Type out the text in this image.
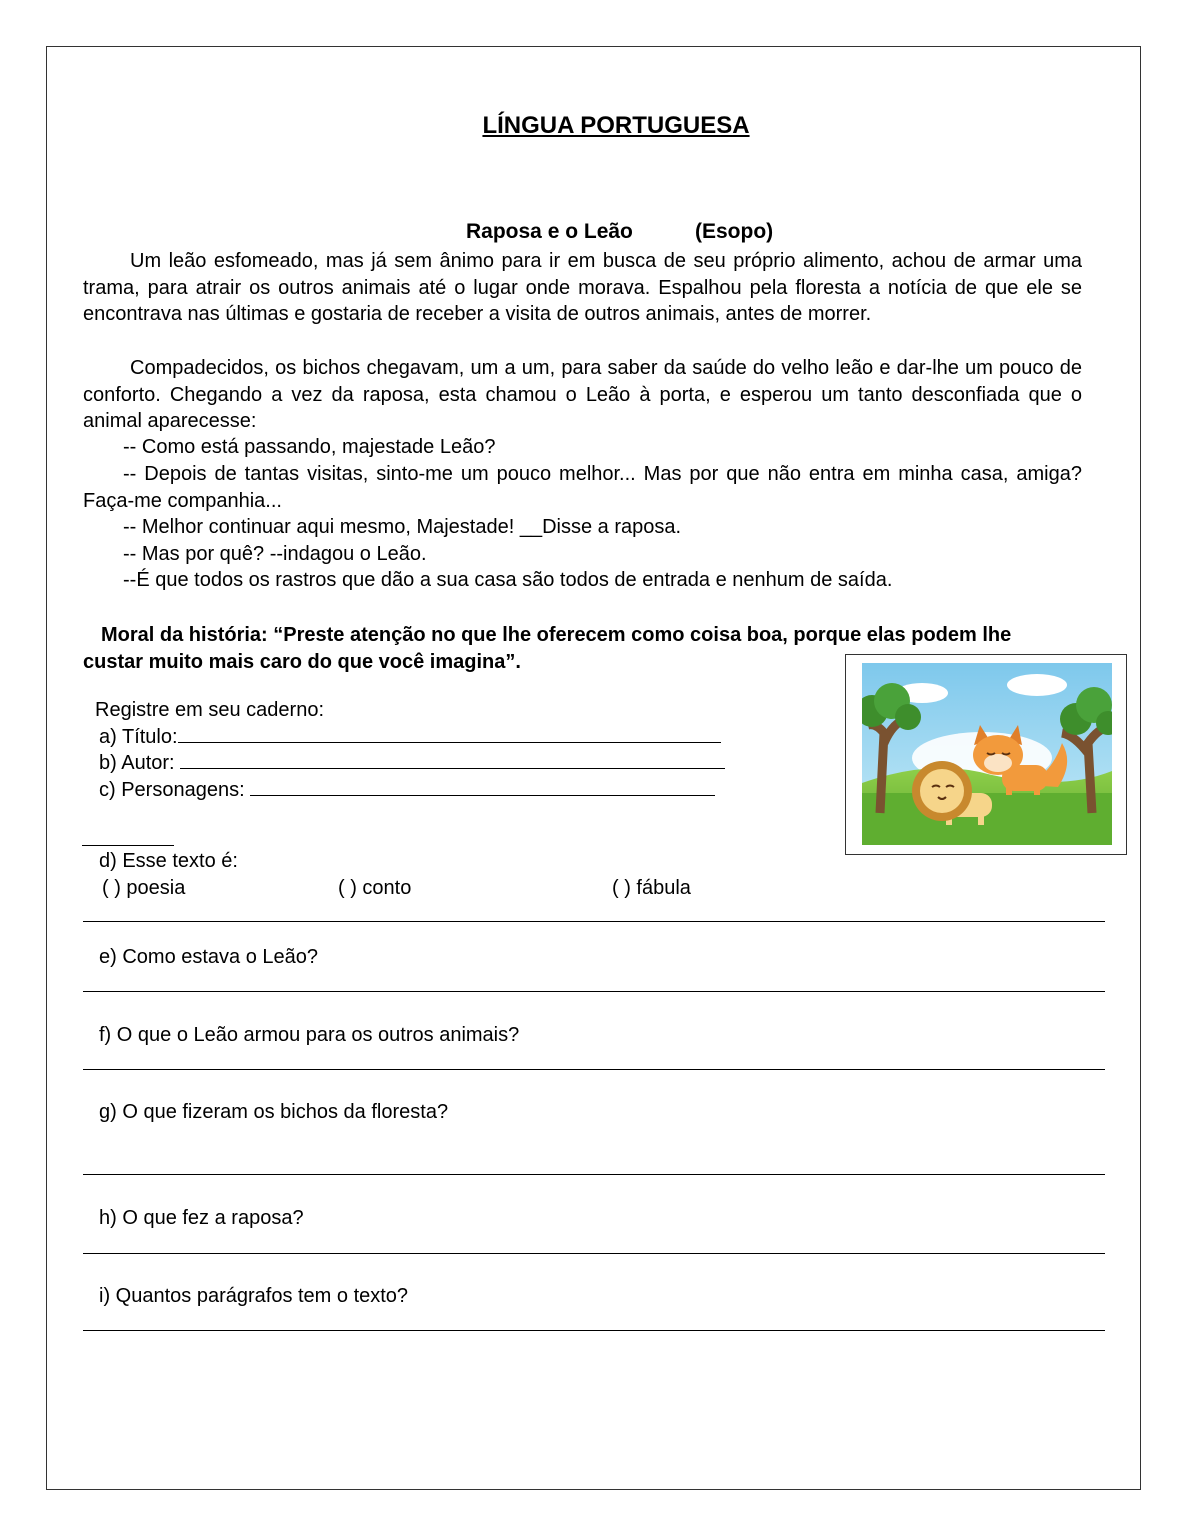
LÍNGUA PORTUGUESA
Raposa e o Leão	(Esopo)

Um leão esfomeado, mas já sem ânimo para ir em busca de seu próprio alimento, achou de armar uma trama, para atrair os outros animais até o lugar onde morava. Espalhou pela floresta a notícia de que ele se encontrava nas últimas e gostaria de receber a visita de outros animais, antes de morrer.

Compadecidos, os bichos chegavam, um a um, para saber da saúde do velho leão e dar-lhe um pouco de conforto. Chegando a vez da raposa, esta chamou o Leão à porta, e esperou um tanto desconfiada que o animal aparecesse:

-- Como está passando, majestade Leão?

-- Depois de tantas visitas, sinto-me um pouco melhor... Mas por que não entra em minha casa, amiga? Faça-me companhia...

-- Melhor continuar aqui mesmo, Majestade! __Disse a raposa.
-- Mas por quê? --indagou o Leão.
--É que todos os rastros que dão a sua casa são todos de entrada e nenhum de saída.

Moral da história: “Preste atenção no que lhe oferecem como coisa boa, porque elas podem lhe custar muito mais caro do que você imagina”.

Registre em seu caderno:
a) Título:
b) Autor:
c) Personagens:
d) Esse texto é:
( ) poesia	( ) conto	( ) fábula
e) Como estava o Leão?
f) O que o Leão armou para os outros animais?
g) O que fizeram os bichos da floresta?
h) O que fez a raposa?
i) Quantos parágrafos tem o texto?
